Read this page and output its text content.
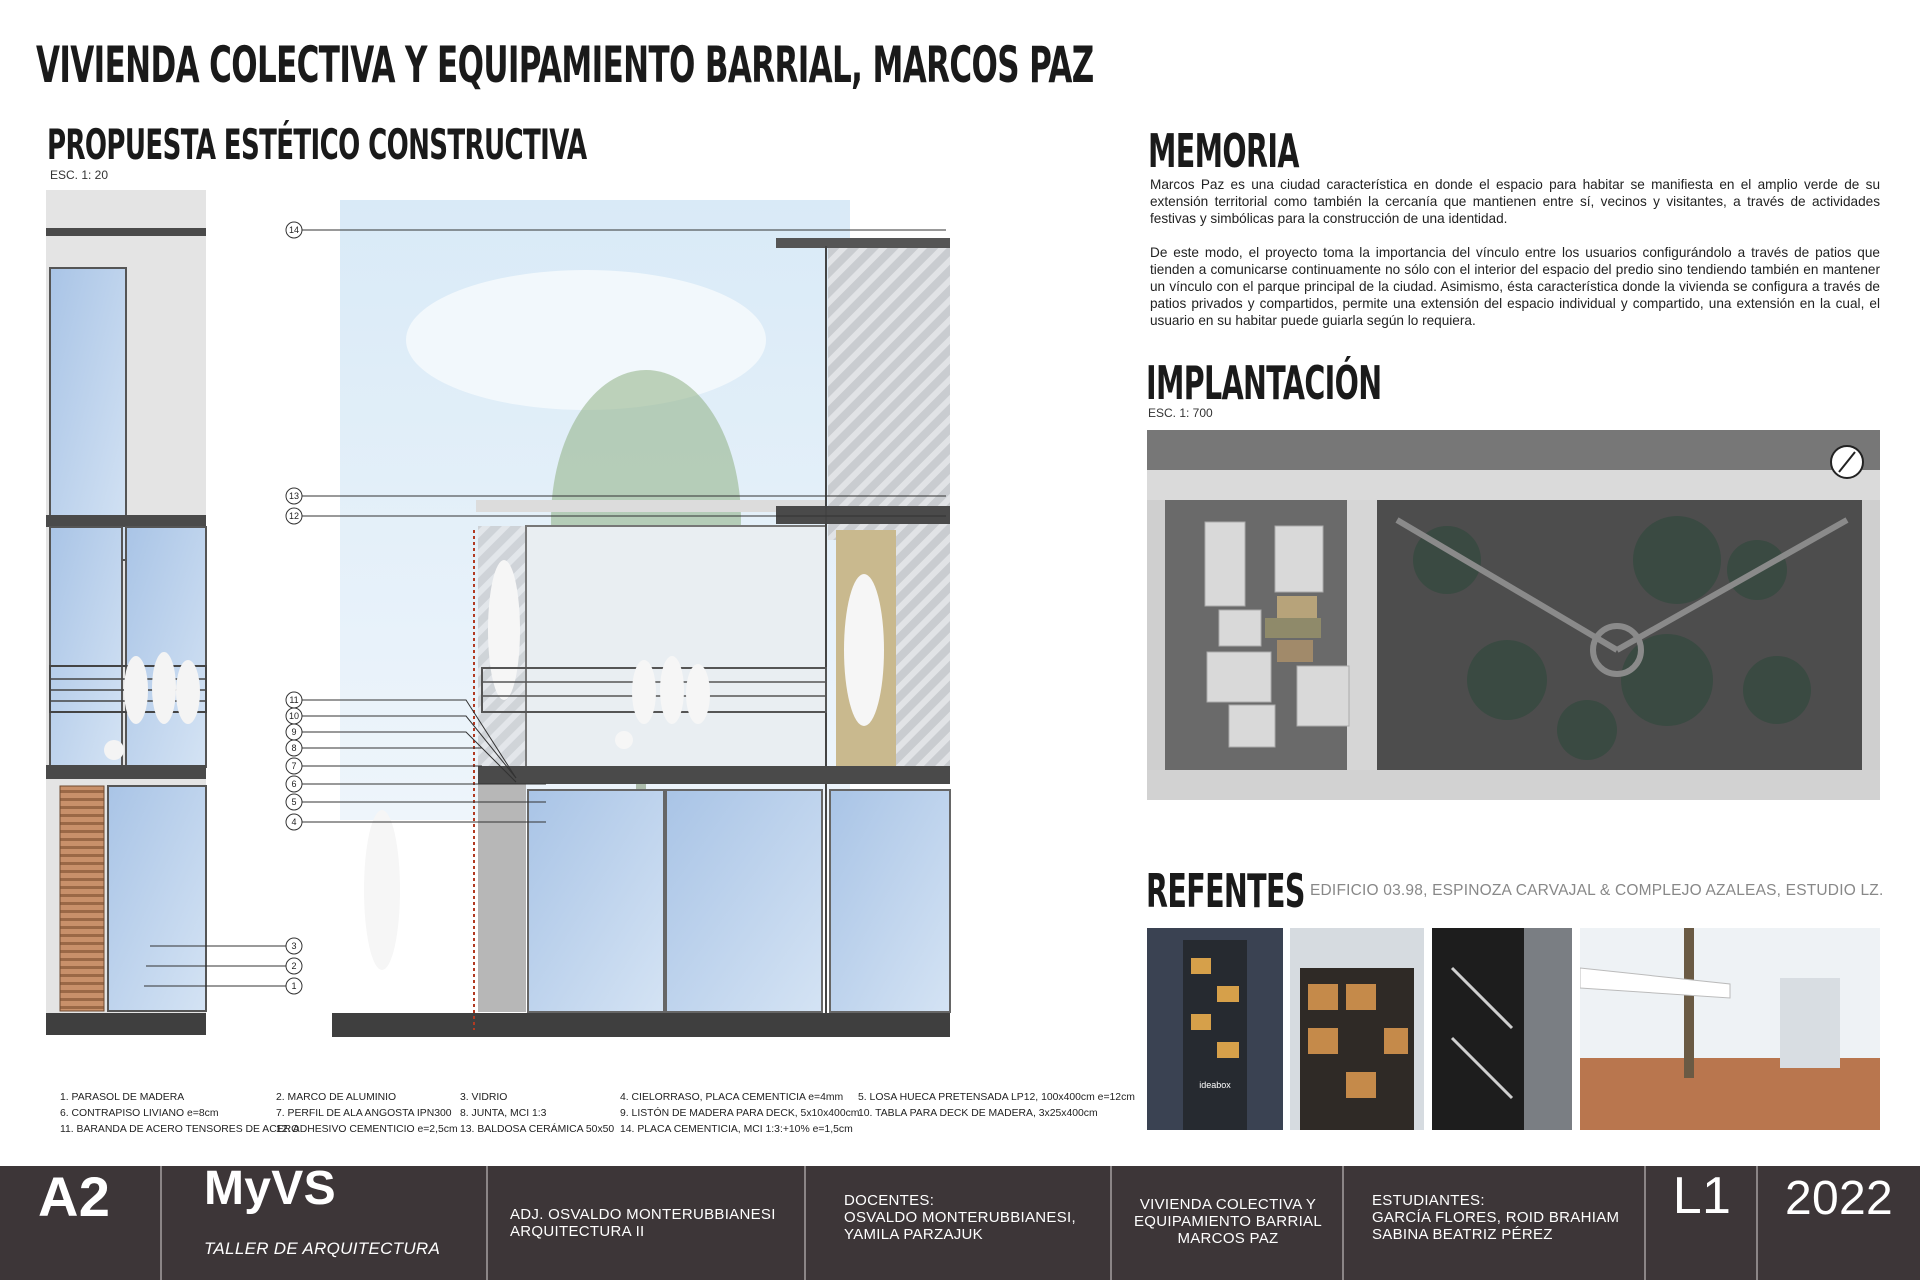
VIVIENDA COLECTIVA Y EQUIPAMIENTO BARRIAL, MARCOS PAZ
PROPUESTA ESTÉTICO CONSTRUCTIVA
ESC. 1: 20
14
13
12
11
10
9
8
7
6
5
4
3
2
1
1. PARASOL DE MADERA
6. CONTRAPISO LIVIANO e=8cm
11. BARANDA DE ACERO TENSORES DE ACERO
2. MARCO DE ALUMINIO
7. PERFIL DE ALA ANGOSTA IPN300
12. ADHESIVO CEMENTICIO e=2,5cm
3. VIDRIO
8. JUNTA, MCI 1:3
13. BALDOSA CERÁMICA 50x50
4. CIELORRASO, PLACA CEMENTICIA e=4mm
9. LISTÓN DE MADERA PARA DECK, 5x10x400cm
14. PLACA CEMENTICIA, MCI 1:3:+10% e=1,5cm
5. LOSA HUECA PRETENSADA LP12, 100x400cm e=12cm
10. TABLA PARA DECK DE MADERA, 3x25x400cm
MEMORIA

Marcos Paz es una ciudad característica en donde el espacio para habitar se manifiesta en el amplio verde de su extensión territorial como también la cercanía que mantienen entre sí, vecinos y visitantes, a través de actividades festivas y simbólicas para la construcción de una identidad.

De este modo, el proyecto toma la importancia del vínculo entre los usuarios configurándolo a través de patios que tienden a comunicarse continuamente no sólo con el interior del espacio del predio sino tendiendo también en mantener un vínculo con el parque principal de la ciudad. Asimismo, ésta característica donde la vivienda se configura a través de patios privados y compartidos, permite una extensión del espacio individual y compartido, una extensión en la cual, el usuario en su habitar puede guiarla según lo requiera.

IMPLANTACIÓN
ESC. 1: 700
REFENTES EDIFICIO 03.98, ESPINOZA CARVAJAL & COMPLEJO AZALEAS, ESTUDIO LZ.
ideabox
A2 MyVS
TALLER DE ARQUITECTURA
ADJ. OSVALDO MONTERUBBIANESI
ARQUITECTURA II
DOCENTES:
OSVALDO MONTERUBBIANESI,
YAMILA PARZAJUK
VIVIENDA COLECTIVA Y
EQUIPAMIENTO BARRIAL
MARCOS PAZ
ESTUDIANTES:
GARCÍA FLORES, ROID BRAHIAM
SABINA BEATRIZ PÉREZ
L1	2022
